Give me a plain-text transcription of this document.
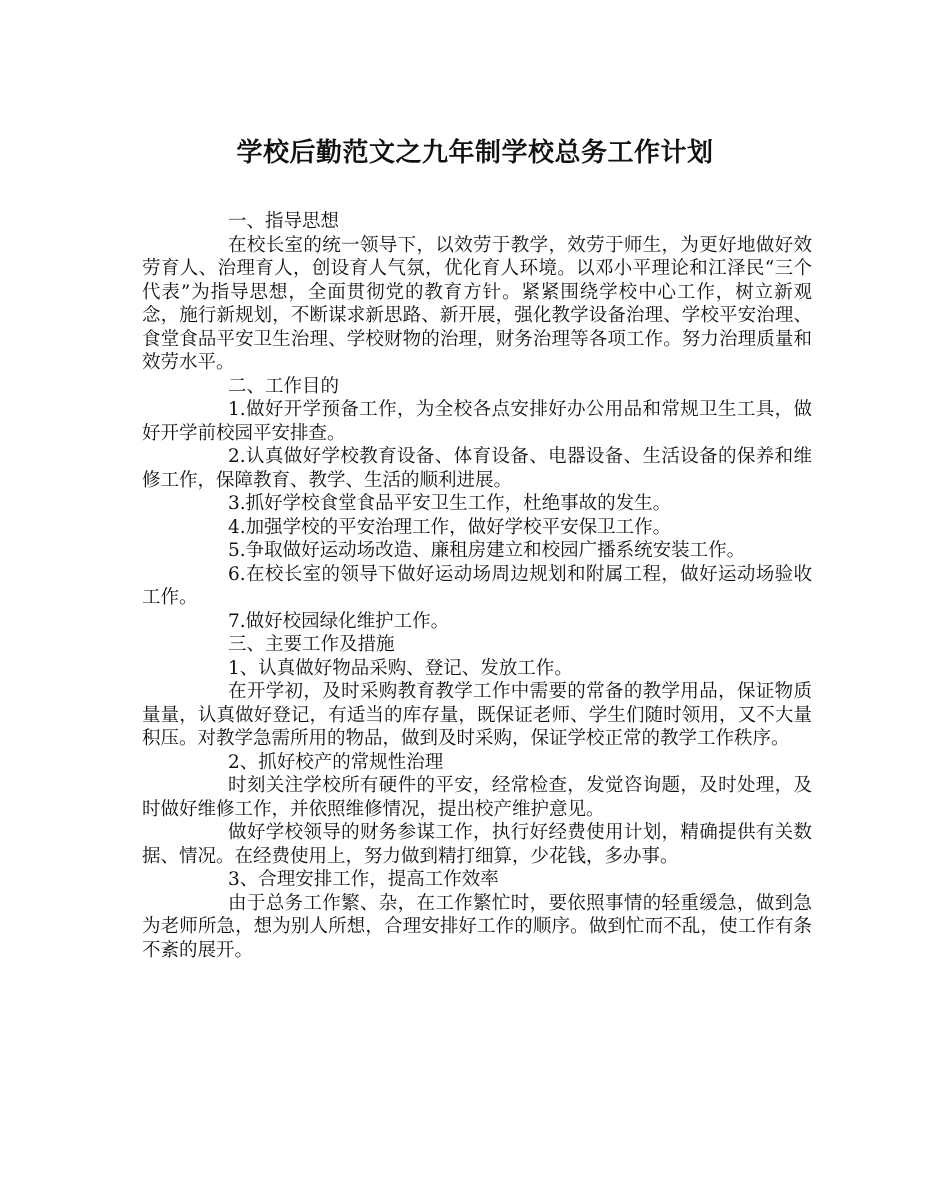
学校后勤范文之九年制学校总务工作计划

一、指导思想

在校长室的统一领导下，以效劳于教学，效劳于师生，为更好地做好效劳育人、治理育人，创设育人气氛，优化育人环境。以邓小平理论和江泽民“三个代表”为指导思想，全面贯彻党的教育方针。紧紧围绕学校中心工作，树立新观念，施行新规划，不断谋求新思路、新开展，强化教学设备治理、学校平安治理、食堂食品平安卫生治理、学校财物的治理，财务治理等各项工作。努力治理质量和效劳水平。

二、工作目的

1.做好开学预备工作，为全校各点安排好办公用品和常规卫生工具，做好开学前校园平安排查。

2.认真做好学校教育设备、体育设备、电器设备、生活设备的保养和维修工作，保障教育、教学、生活的顺利进展。

3.抓好学校食堂食品平安卫生工作，杜绝事故的发生。

4.加强学校的平安治理工作，做好学校平安保卫工作。

5.争取做好运动场改造、廉租房建立和校园广播系统安装工作。

6.在校长室的领导下做好运动场周边规划和附属工程，做好运动场验收工作。

7.做好校园绿化维护工作。

三、主要工作及措施

1、认真做好物品采购、登记、发放工作。

在开学初，及时采购教育教学工作中需要的常备的教学用品，保证物质量量，认真做好登记，有适当的库存量，既保证老师、学生们随时领用，又不大量积压。对教学急需所用的物品，做到及时采购，保证学校正常的教学工作秩序。

2、抓好校产的常规性治理

时刻关注学校所有硬件的平安，经常检查，发觉咨询题，及时处理，及时做好维修工作，并依照维修情况，提出校产维护意见。

做好学校领导的财务参谋工作，执行好经费使用计划，精确提供有关数据、情况。在经费使用上，努力做到精打细算，少花钱，多办事。

3、合理安排工作，提高工作效率

由于总务工作繁、杂，在工作繁忙时，要依照事情的轻重缓急，做到急为老师所急，想为别人所想，合理安排好工作的顺序。做到忙而不乱，使工作有条不紊的展开。
